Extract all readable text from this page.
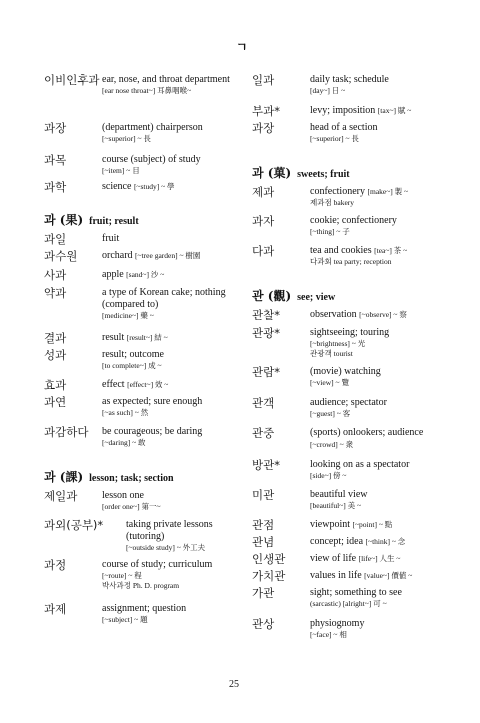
ㄱ
이비인후과 ear, nose, and throat department
[ear nose throat~] 耳鼻咽喉~
과장	(department) chairperson
[~superior] ~ 長
과목	course (subject) of study
[~item] ~ 目
과학	science [~study] ~ 學
과 (果) fruit; result
과일	fruit
과수원 orchard [~tree garden] ~ 樹園
사과	apple [sand~] 沙 ~
약과	a type of Korean cake; nothing (compared to)
[medicine~] 藥 ~
결과	result [result~] 結 ~
성과	result; outcome
[to complete~] 成 ~
효과	effect [effect~] 效 ~
과연	as expected; sure enough
[~as such] ~ 然
과감하다 be courageous; be daring
[~daring] ~ 敢
과 (課) lesson; task; section
제일과 lesson one
[order one~] 第一~
과외(공부)* taking private lessons (tutoring)
[~outside study] ~ 外工夫
과정	course of study; curriculum
[~route] ~ 程
박사과정 Ph. D. program
과제	assignment; question
[~subject] ~ 題
일과	daily task; schedule
[day~] 日 ~
부과*	levy; imposition [tax~] 賦 ~
과장	head of a section
[~superior] ~ 長
과 (菓) sweets; fruit
제과	confectionery [make~] 製 ~
제과점 bakery
과자	cookie; confectionery
[~thing] ~ 子
다과	tea and cookies [tea~] 茶 ~
다과회 tea party; reception
관 (觀) see; view
관찰*	observation [~observe] ~ 察
관광*	sightseeing; touring
[~brightness] ~ 光
관광객 tourist
관람*	(movie) watching
[~view] ~ 覽
관객	audience; spectator
[~guest] ~ 客
관중	(sports) onlookers; audience [~crowd] ~ 衆
방관*	looking on as a spectator
[side~] 傍 ~
미관	beautiful view
[beautiful~] 美 ~
관점	viewpoint [~point] ~ 點
관념	concept; idea [~think] ~ 念
인생관 view of life [life~] 人生 ~
가치관 values in life [value~] 價値 ~
가관	sight; something to see
(sarcastic) [alright~] 可 ~
관상	physiognomy
[~face] ~ 相
25
